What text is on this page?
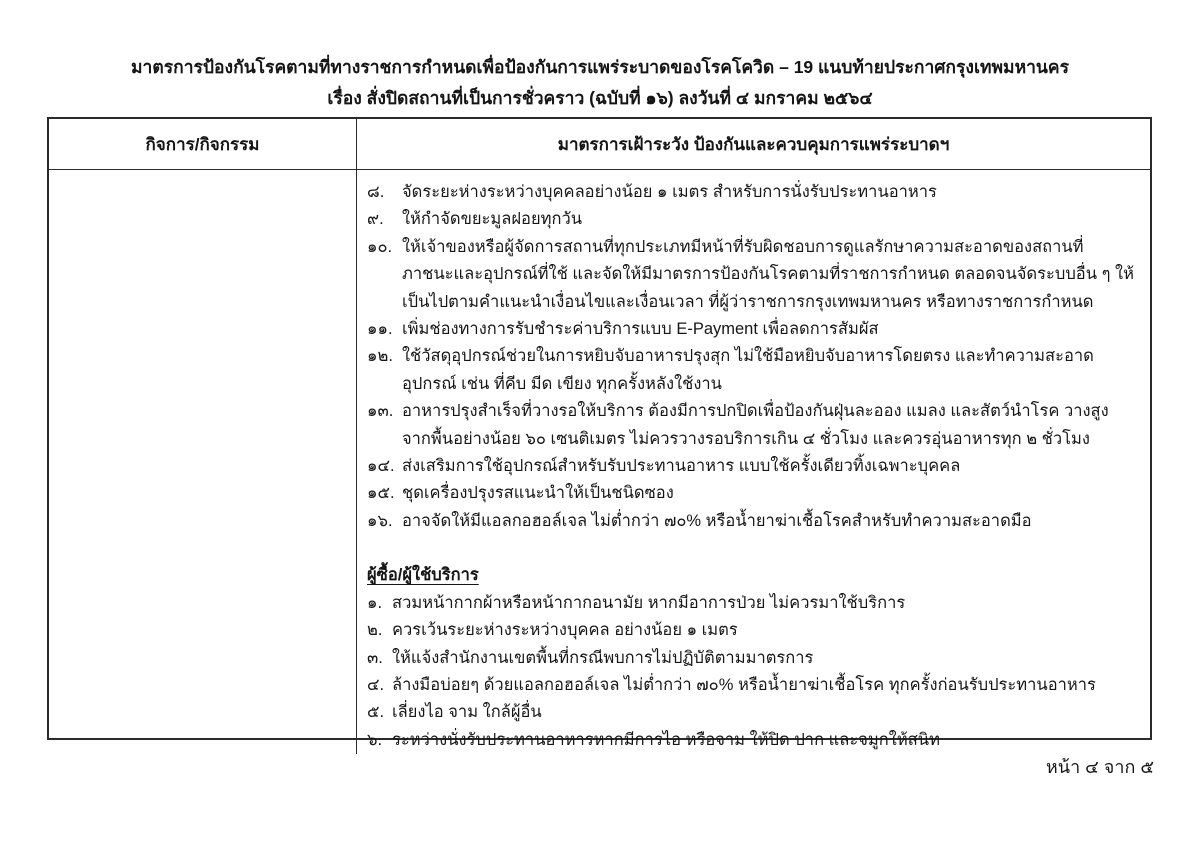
มาตรการป้องกันโรคตามที่ทางราชการกำหนดเพื่อป้องกันการแพร่ระบาดของโรคโควิด – 19 แนบท้ายประกาศกรุงเทพมหานคร
เรื่อง สั่งปิดสถานที่เป็นการชั่วคราว (ฉบับที่ ๑๖) ลงวันที่ ๔ มกราคม ๒๕๖๔
กิจการ/กิจกรรม	มาตรการเฝ้าระวัง ป้องกันและควบคุมการแพร่ระบาดฯ
๘.	จัดระยะห่างระหว่างบุคคลอย่างน้อย ๑ เมตร สำหรับการนั่งรับประทานอาหาร
๙.	ให้กำจัดขยะมูลฝอยทุกวัน
๑๐. ให้เจ้าของหรือผู้จัดการสถานที่ทุกประเภทมีหน้าที่รับผิดชอบการดูแลรักษาความสะอาดของสถานที่ ภาชนะและอุปกรณ์ที่ใช้ และจัดให้มีมาตรการป้องกันโรคตามที่ราชการกำหนด ตลอดจนจัดระบบอื่น ๆ ให้เป็นไปตามคำแนะนำเงื่อนไขและเงื่อนเวลา ที่ผู้ว่าราชการกรุงเทพมหานคร หรือทางราชการกำหนด
๑๑. เพิ่มช่องทางการรับชำระค่าบริการแบบ E-Payment เพื่อลดการสัมผัส
๑๒. ใช้วัสดุอุปกรณ์ช่วยในการหยิบจับอาหารปรุงสุก ไม่ใช้มือหยิบจับอาหารโดยตรง และทำความสะอาดอุปกรณ์ เช่น ที่คีบ มีด เขียง ทุกครั้งหลังใช้งาน
๑๓. อาหารปรุงสำเร็จที่วางรอให้บริการ ต้องมีการปกปิดเพื่อป้องกันฝุ่นละออง แมลง และสัตว์นำโรค วางสูงจากพื้นอย่างน้อย ๖๐ เซนติเมตร ไม่ควรวางรอบริการเกิน ๔ ชั่วโมง และควรอุ่นอาหารทุก ๒ ชั่วโมง
๑๔. ส่งเสริมการใช้อุปกรณ์สำหรับรับประทานอาหาร แบบใช้ครั้งเดียวทิ้งเฉพาะบุคคล
๑๕. ชุดเครื่องปรุงรสแนะนำให้เป็นชนิดซอง
๑๖. อาจจัดให้มีแอลกอฮอล์เจล ไม่ต่ำกว่า ๗๐% หรือน้ำยาฆ่าเชื้อโรคสำหรับทำความสะอาดมือ
ผู้ซื้อ/ผู้ใช้บริการ
๑. สวมหน้ากากผ้าหรือหน้ากากอนามัย หากมีอาการป่วย ไม่ควรมาใช้บริการ
๒. ควรเว้นระยะห่างระหว่างบุคคล อย่างน้อย ๑ เมตร
๓. ให้แจ้งสำนักงานเขตพื้นที่กรณีพบการไม่ปฏิบัติตามมาตรการ
๔. ล้างมือบ่อยๆ ด้วยแอลกอฮอล์เจล ไม่ต่ำกว่า ๗๐% หรือน้ำยาฆ่าเชื้อโรค ทุกครั้งก่อนรับประทานอาหาร
๕. เลี่ยงไอ จาม ใกล้ผู้อื่น
๖. ระหว่างนั่งรับประทานอาหารหากมีการไอ หรือจาม ให้ปิด ปาก และจมูกให้สนิท
หน้า ๔ จาก ๕
